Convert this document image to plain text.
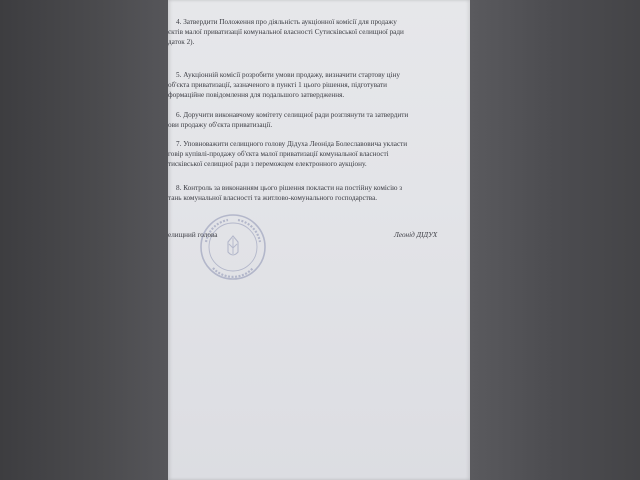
4. Затвердити Положення про діяльність аукціонної комісії для продажу
єктів малої приватизації комунальної власності Сутисківської селищної ради
даток 2).
5. Аукціонній комісії розробити умови продажу, визначити стартову ціну
об'єкта приватизації, зазначеного в пункті 1 цього рішення, підготувати
формаційне повідомлення для подальшого затвердження.
6. Доручити виконавчому комітету селищної ради розглянути та затвердити
ови продажу об'єкта приватизації.
7. Уповноважити селищного голову Дідуха Леоніда Болеславовича укласти
говір купівлі-продажу об'єкта малої приватизації комунальної власності
тисківської селищної ради з переможцем електронного аукціону.
8. Контроль за виконанням цього рішення покласти на постійну комісію з
тань комунальної власності та житлово-комунального господарства.
елищний голова	Леонід ДІДУХ
